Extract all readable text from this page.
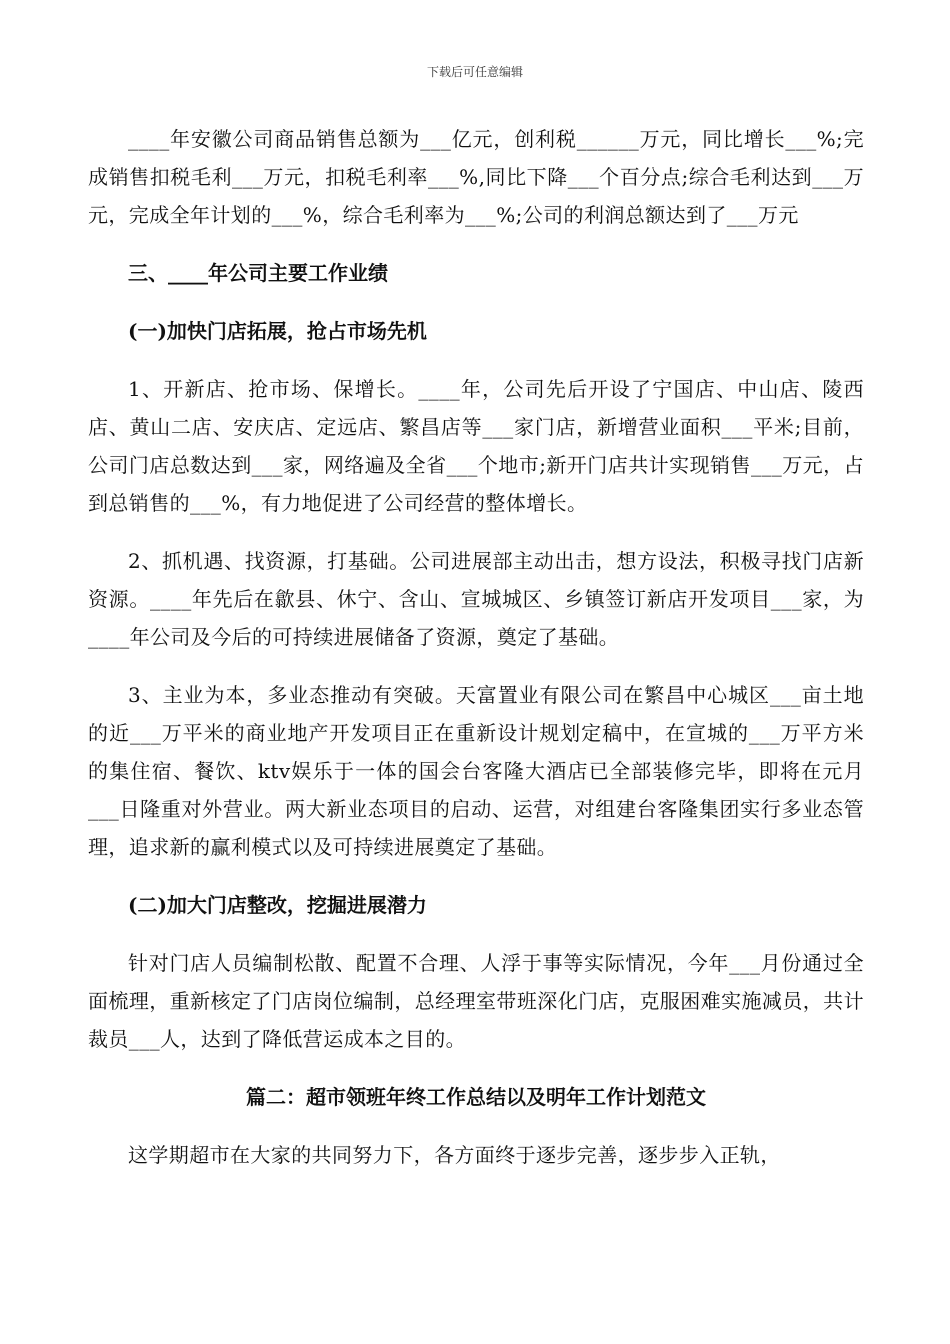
下载后可任意编辑

____年安徽公司商品销售总额为___亿元，创利税______万元，同比增长___%;完成销售扣税毛利___万元，扣税毛利率___%,同比下降___个百分点;综合毛利达到___万元，完成全年计划的___%，综合毛利率为___%;公司的利润总额达到了___万元

三、____年公司主要工作业绩

(一)加快门店拓展，抢占市场先机

1、开新店、抢市场、保增长。____年，公司先后开设了宁国店、中山店、陵西店、黄山二店、安庆店、定远店、繁昌店等___家门店，新增营业面积___平米;目前，公司门店总数达到___家，网络遍及全省___个地市;新开门店共计实现销售___万元，占到总销售的___%，有力地促进了公司经营的整体增长。

2、抓机遇、找资源，打基础。公司进展部主动出击，想方设法，积极寻找门店新资源。____年先后在歙县、休宁、含山、宣城城区、乡镇签订新店开发项目___家，为____年公司及今后的可持续进展储备了资源，奠定了基础。

3、主业为本，多业态推动有突破。天富置业有限公司在繁昌中心城区___亩土地的近___万平米的商业地产开发项目正在重新设计规划定稿中，在宣城的___万平方米的集住宿、餐饮、ktv娱乐于一体的国会台客隆大酒店已全部装修完毕，即将在元月___日隆重对外营业。两大新业态项目的启动、运营，对组建台客隆集团实行多业态管理，追求新的赢利模式以及可持续进展奠定了基础。

(二)加大门店整改，挖掘进展潜力

针对门店人员编制松散、配置不合理、人浮于事等实际情况，今年___月份通过全面梳理，重新核定了门店岗位编制，总经理室带班深化门店，克服困难实施减员，共计裁员___人，达到了降低营运成本之目的。

篇二：超市领班年终工作总结以及明年工作计划范文

这学期超市在大家的共同努力下，各方面终于逐步完善，逐步步入正轨，
